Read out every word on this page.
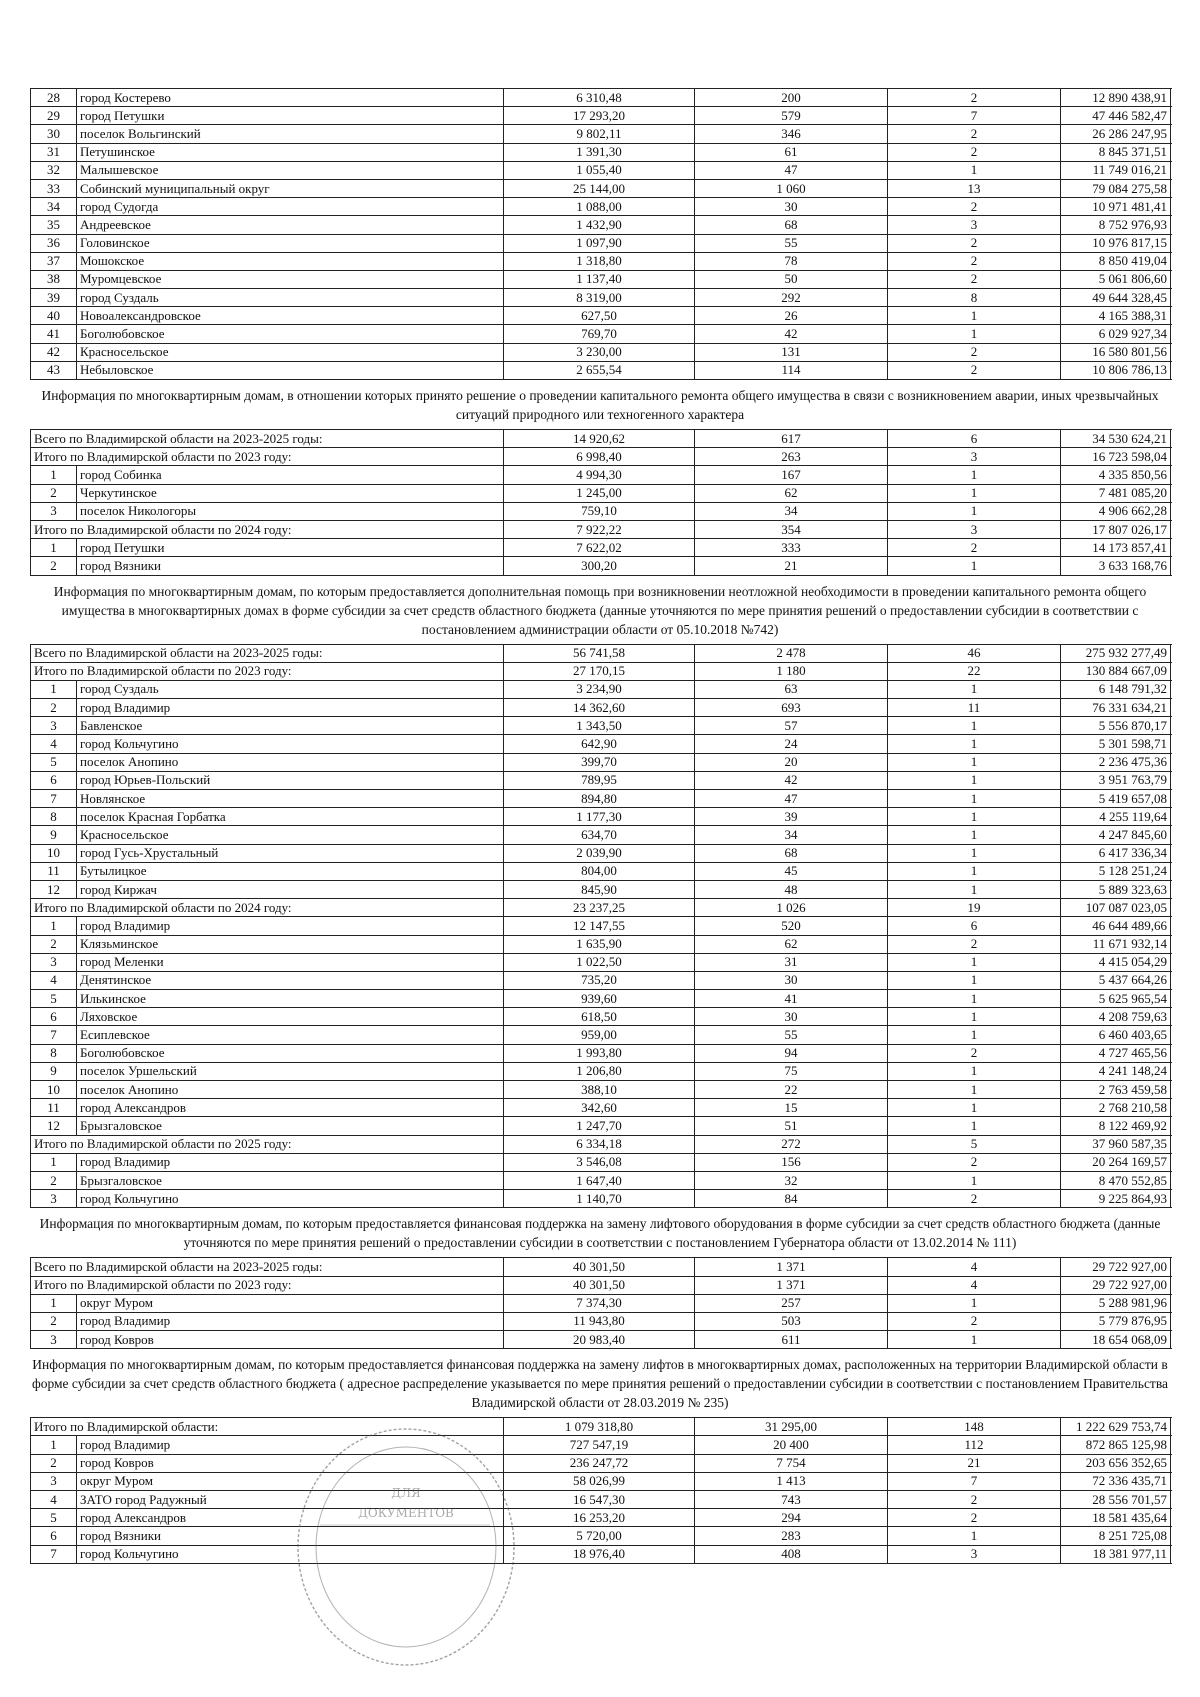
28	город Костерево	6 310,48	200	2	12 890 438,91
29	город Петушки	17 293,20	579	7	47 446 582,47
30	поселок Вольгинский	9 802,11	346	2	26 286 247,95
31	Петушинское	1 391,30	61	2	8 845 371,51
32	Малышевское	1 055,40	47	1	11 749 016,21
33	Собинский муниципальный округ	25 144,00	1 060	13	79 084 275,58
34	город Судогда	1 088,00	30	2	10 971 481,41
35	Андреевское	1 432,90	68	3	8 752 976,93
36	Головинское	1 097,90	55	2	10 976 817,15
37	Мошокское	1 318,80	78	2	8 850 419,04
38	Муромцевское	1 137,40	50	2	5 061 806,60
39	город Суздаль	8 319,00	292	8	49 644 328,45
40	Новоалександровское	627,50	26	1	4 165 388,31
41	Боголюбовское	769,70	42	1	6 029 927,34
42	Красносельское	3 230,00	131	2	16 580 801,56
43	Небыловское	2 655,54	114	2	10 806 786,13
Информация по многоквартирным домам, в отношении которых принято решение о проведении капитального ремонта общего имущества в связи с возникновением аварии, иных чрезвычайных ситуаций природного или техногенного характера
Всего по Владимирской области на 2023-2025 годы:		14 920,62	617	6	34 530 624,21
Итого по Владимирской области по 2023 году:		6 998,40	263	3	16 723 598,04
1	город Собинка	4 994,30	167	1	4 335 850,56
2	Черкутинское	1 245,00	62	1	7 481 085,20
3	поселок Никологоры	759,10	34	1	4 906 662,28
Итого по Владимирской области по 2024 году:		7 922,22	354	3	17 807 026,17
1	город Петушки	7 622,02	333	2	14 173 857,41
2	город Вязники	300,20	21	1	3 633 168,76
Информация по многоквартирным домам, по которым предоставляется дополнительная помощь при возникновении неотложной необходимости в проведении капитального ремонта общего имущества в многоквартирных домах в форме субсидии за счет средств областного бюджета (данные уточняются по мере принятия решений о предоставлении субсидии в соответствии с постановлением администрации области от 05.10.2018 №742)
Всего по Владимирской области на 2023-2025 годы:		56 741,58	2 478	46	275 932 277,49
Итого по Владимирской области по 2023 году:		27 170,15	1 180	22	130 884 667,09
1	город Суздаль	3 234,90	63	1	6 148 791,32
2	город Владимир	14 362,60	693	11	76 331 634,21
3	Бавленское	1 343,50	57	1	5 556 870,17
4	город Кольчугино	642,90	24	1	5 301 598,71
5	поселок Анопино	399,70	20	1	2 236 475,36
6	город Юрьев-Польский	789,95	42	1	3 951 763,79
7	Новлянское	894,80	47	1	5 419 657,08
8	поселок Красная Горбатка	1 177,30	39	1	4 255 119,64
9	Красносельское	634,70	34	1	4 247 845,60
10	город Гусь-Хрустальный	2 039,90	68	1	6 417 336,34
11	Бутылицкое	804,00	45	1	5 128 251,24
12	город Киржач	845,90	48	1	5 889 323,63
Итого по Владимирской области по 2024 году:		23 237,25	1 026	19	107 087 023,05
1	город Владимир	12 147,55	520	6	46 644 489,66
2	Клязьминское	1 635,90	62	2	11 671 932,14
3	город Меленки	1 022,50	31	1	4 415 054,29
4	Денятинское	735,20	30	1	5 437 664,26
5	Илькинское	939,60	41	1	5 625 965,54
6	Ляховское	618,50	30	1	4 208 759,63
7	Есиплевское	959,00	55	1	6 460 403,65
8	Боголюбовское	1 993,80	94	2	4 727 465,56
9	поселок Уршельский	1 206,80	75	1	4 241 148,24
10	поселок Анопино	388,10	22	1	2 763 459,58
11	город Александров	342,60	15	1	2 768 210,58
12	Брызгаловское	1 247,70	51	1	8 122 469,92
Итого по Владимирской области по 2025 году:		6 334,18	272	5	37 960 587,35
1	город Владимир	3 546,08	156	2	20 264 169,57
2	Брызгаловское	1 647,40	32	1	8 470 552,85
3	город Кольчугино	1 140,70	84	2	9 225 864,93
Информация по многоквартирным домам, по которым предоставляется финансовая поддержка на замену лифтового оборудования в форме субсидии за счет средств областного бюджета (данные уточняются по мере принятия решений о предоставлении субсидии в соответствии с постановлением Губернатора области от 13.02.2014 № 111)
Всего по Владимирской области на 2023-2025 годы:		40 301,50	1 371	4	29 722 927,00
Итого по Владимирской области по 2023 году:		40 301,50	1 371	4	29 722 927,00
1	округ Муром	7 374,30	257	1	5 288 981,96
2	город Владимир	11 943,80	503	2	5 779 876,95
3	город Ковров	20 983,40	611	1	18 654 068,09
Информация по многоквартирным домам, по которым предоставляется финансовая поддержка на замену лифтов в многоквартирных домах, расположенных на территории Владимирской области в форме субсидии за счет средств областного бюджета ( адресное распределение указывается по мере принятия решений о предоставлении субсидии в соответствии с постановлением Правительства Владимирской области от 28.03.2019 № 235)
Итого по Владимирской области:		1 079 318,80	31 295,00	148	1 222 629 753,74
1	город Владимир	727 547,19	20 400	112	872 865 125,98
2	город Ковров	236 247,72	7 754	21	203 656 352,65
3	округ Муром	58 026,99	1 413	7	72 336 435,71
4	ЗАТО город Радужный	16 547,30	743	2	28 556 701,57
5	город Александров	16 253,20	294	2	18 581 435,64
6	город Вязники	5 720,00	283	1	8 251 725,08
7	город Кольчугино	18 976,40	408	3	18 381 977,11
ДЛЯ
ДОКУМЕНТОВ
